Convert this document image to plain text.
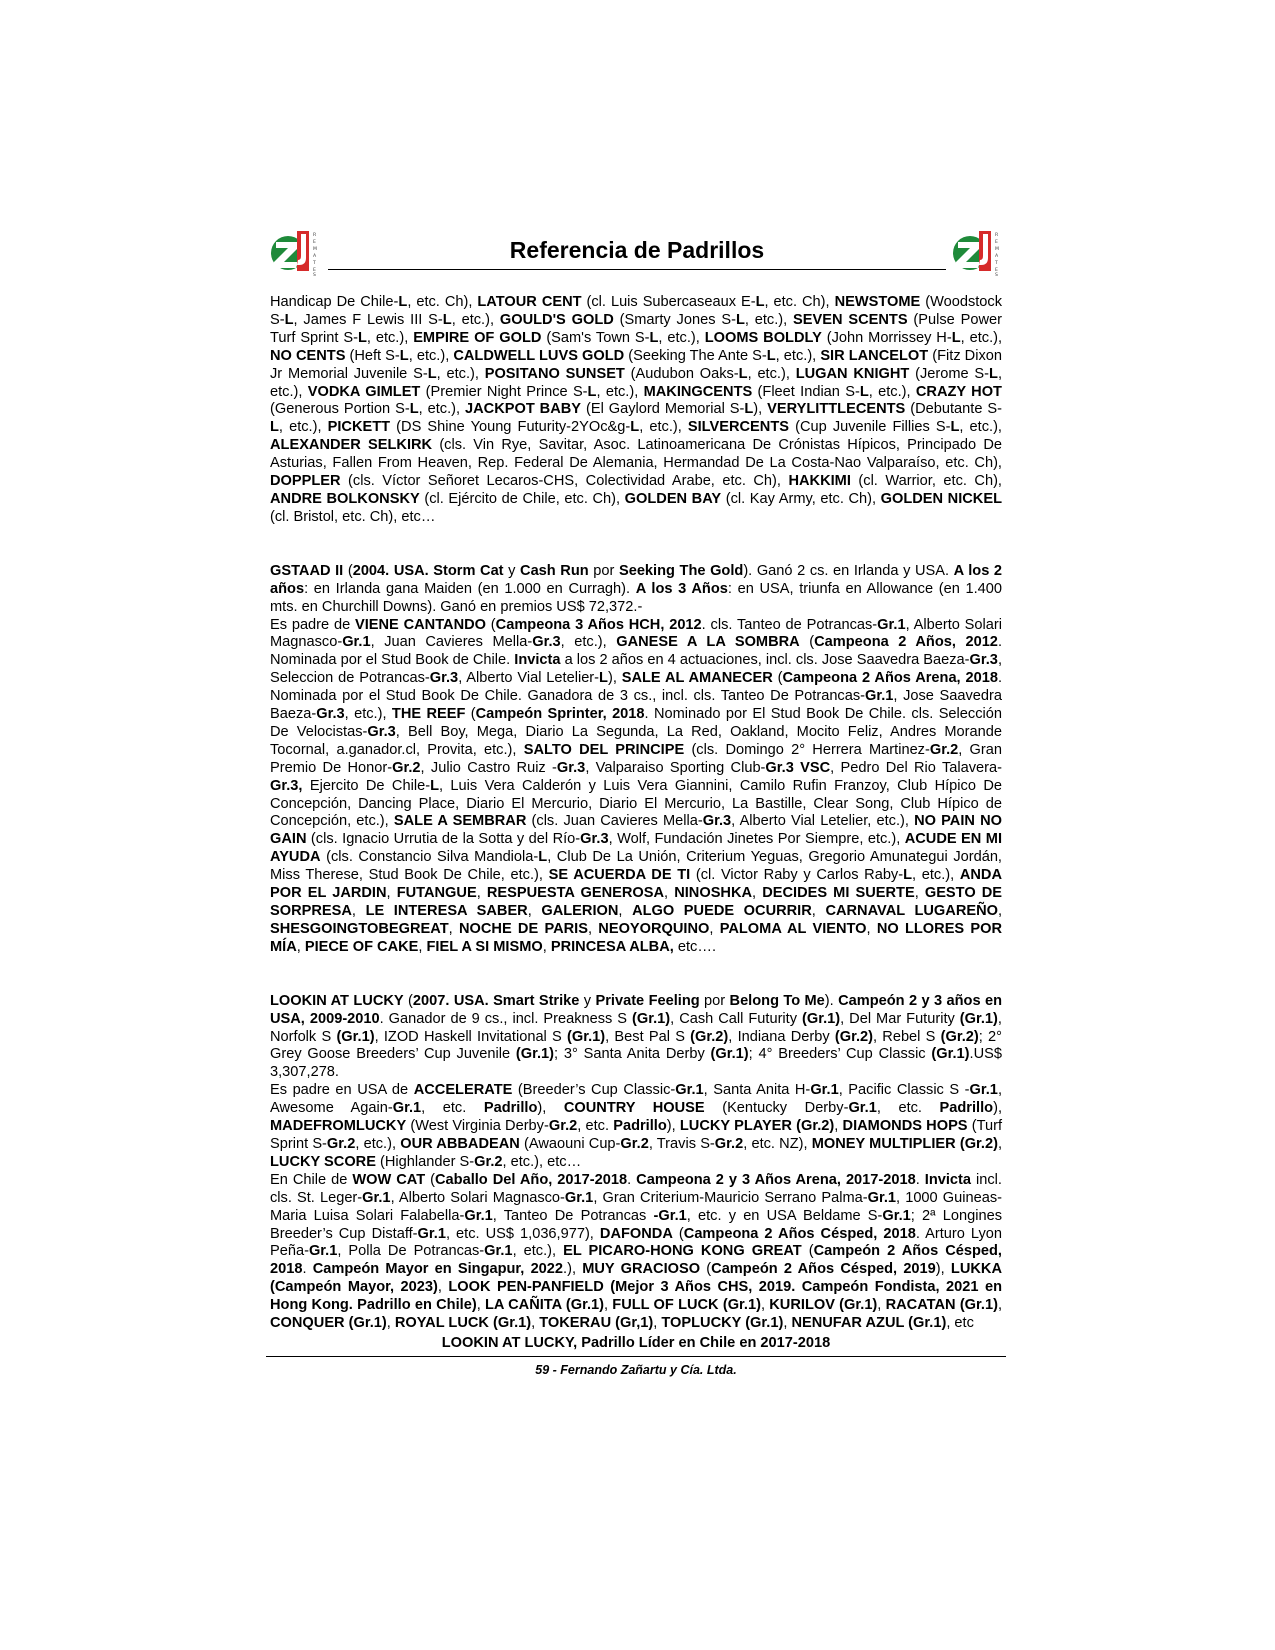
R
E
M
A
T
E
S
Referencia de Padrillos
R
E
M
A
T
E
S

Handicap De Chile-L, etc. Ch), LATOUR CENT (cl. Luis Subercaseaux E-L, etc. Ch), NEWSTOME (Woodstock S-L, James F Lewis III S-L, etc.), GOULD'S GOLD (Smarty Jones S-L, etc.), SEVEN SCENTS (Pulse Power Turf Sprint S-L, etc.), EMPIRE OF GOLD (Sam's Town S-L, etc.), LOOMS BOLDLY (John Morrissey H-L, etc.), NO CENTS (Heft S-L, etc.), CALDWELL LUVS GOLD (Seeking The Ante S-L, etc.), SIR LANCELOT (Fitz Dixon Jr Memorial Juvenile S-L, etc.), POSITANO SUNSET (Audubon Oaks-L, etc.), LUGAN KNIGHT (Jerome S-L, etc.), VODKA GIMLET (Premier Night Prince S-L, etc.), MAKINGCENTS (Fleet Indian S-L, etc.), CRAZY HOT (Generous Portion S-L, etc.), JACKPOT BABY (El Gaylord Memorial S-L), VERYLITTLECENTS (Debutante S-L, etc.), PICKETT (DS Shine Young Futurity-2YOc&g-L, etc.), SILVERCENTS (Cup Juvenile Fillies S-L, etc.), ALEXANDER SELKIRK (cls. Vin Rye, Savitar, Asoc. Latinoamericana De Crónistas Hípicos, Principado De Asturias, Fallen From Heaven, Rep. Federal De Alemania, Hermandad De La Costa-Nao Valparaíso, etc. Ch), DOPPLER (cls. Víctor Señoret Lecaros-CHS, Colectividad Arabe, etc. Ch), HAKKIMI (cl. Warrior, etc. Ch), ANDRE BOLKONSKY (cl. Ejército de Chile, etc. Ch), GOLDEN BAY (cl. Kay Army, etc. Ch), GOLDEN NICKEL (cl. Bristol, etc. Ch), etc…

GSTAAD II (2004. USA. Storm Cat y Cash Run por Seeking The Gold). Ganó 2 cs. en Irlanda y USA. A los 2 años: en Irlanda gana Maiden (en 1.000 en Curragh). A los 3 Años: en USA, triunfa en Allowance (en 1.400 mts. en Churchill Downs). Ganó en premios US$ 72,372.-

Es padre de VIENE CANTANDO (Campeona 3 Años HCH, 2012. cls. Tanteo de Potrancas-Gr.1, Alberto Solari Magnasco-Gr.1, Juan Cavieres Mella-Gr.3, etc.), GANESE A LA SOMBRA (Campeona 2 Años, 2012. Nominada por el Stud Book de Chile. Invicta a los 2 años en 4 actuaciones, incl. cls. Jose Saavedra Baeza-Gr.3, Seleccion de Potrancas-Gr.3, Alberto Vial Letelier-L), SALE AL AMANECER (Campeona 2 Años Arena, 2018. Nominada por el Stud Book De Chile. Ganadora de 3 cs., incl. cls. Tanteo De Potrancas-Gr.1, Jose Saavedra Baeza-Gr.3, etc.), THE REEF (Campeón Sprinter, 2018. Nominado por El Stud Book De Chile. cls. Selección De Velocistas-Gr.3, Bell Boy, Mega, Diario La Segunda, La Red, Oakland, Mocito Feliz, Andres Morande Tocornal, a.ganador.cl, Provita, etc.), SALTO DEL PRINCIPE (cls. Domingo 2° Herrera Martinez-Gr.2, Gran Premio De Honor-Gr.2, Julio Castro Ruiz -Gr.3, Valparaiso Sporting Club-Gr.3 VSC, Pedro Del Rio Talavera-Gr.3, Ejercito De Chile-L, Luis Vera Calderón y Luis Vera Giannini, Camilo Rufin Franzoy, Club Hípico De Concepción, Dancing Place, Diario El Mercurio, Diario El Mercurio, La Bastille, Clear Song, Club Hípico de Concepción, etc.), SALE A SEMBRAR (cls. Juan Cavieres Mella-Gr.3, Alberto Vial Letelier, etc.), NO PAIN NO GAIN (cls. Ignacio Urrutia de la Sotta y del Río-Gr.3, Wolf, Fundación Jinetes Por Siempre, etc.), ACUDE EN MI AYUDA (cls. Constancio Silva Mandiola-L, Club De La Unión, Criterium Yeguas, Gregorio Amunategui Jordán, Miss Therese, Stud Book De Chile, etc.), SE ACUERDA DE TI (cl. Victor Raby y Carlos Raby-L, etc.), ANDA POR EL JARDIN, FUTANGUE, RESPUESTA GENEROSA, NINOSHKA, DECIDES MI SUERTE, GESTO DE SORPRESA, LE INTERESA SABER, GALERION, ALGO PUEDE OCURRIR, CARNAVAL LUGAREÑO, SHESGOINGTOBEGREAT, NOCHE DE PARIS, NEOYORQUINO, PALOMA AL VIENTO, NO LLORES POR MÍA, PIECE OF CAKE, FIEL A SI MISMO, PRINCESA ALBA, etc….

LOOKIN AT LUCKY (2007. USA. Smart Strike y Private Feeling por Belong To Me). Campeón 2 y 3 años en USA, 2009-2010. Ganador de 9 cs., incl. Preakness S (Gr.1), Cash Call Futurity (Gr.1), Del Mar Futurity (Gr.1), Norfolk S (Gr.1), IZOD Haskell Invitational S (Gr.1), Best Pal S (Gr.2), Indiana Derby (Gr.2), Rebel S (Gr.2); 2° Grey Goose Breeders’ Cup Juvenile (Gr.1); 3° Santa Anita Derby (Gr.1); 4° Breeders’ Cup Classic (Gr.1).US$ 3,307,278.

Es padre en USA de ACCELERATE (Breeder’s Cup Classic-Gr.1, Santa Anita H-Gr.1, Pacific Classic S -Gr.1, Awesome Again-Gr.1, etc. Padrillo), COUNTRY HOUSE (Kentucky Derby-Gr.1, etc. Padrillo), MADEFROMLUCKY (West Virginia Derby-Gr.2, etc. Padrillo), LUCKY PLAYER (Gr.2), DIAMONDS HOPS (Turf Sprint S-Gr.2, etc.), OUR ABBADEAN (Awaouni Cup-Gr.2, Travis S-Gr.2, etc. NZ), MONEY MULTIPLIER (Gr.2), LUCKY SCORE (Highlander S-Gr.2, etc.), etc…

En Chile de WOW CAT (Caballo Del Año, 2017-2018. Campeona 2 y 3 Años Arena, 2017-2018. Invicta incl. cls. St. Leger-Gr.1, Alberto Solari Magnasco-Gr.1, Gran Criterium-Mauricio Serrano Palma-Gr.1, 1000 Guineas-Maria Luisa Solari Falabella-Gr.1, Tanteo De Potrancas -Gr.1, etc. y en USA Beldame S-Gr.1; 2ª Longines Breeder’s Cup Distaff-Gr.1, etc. US$ 1,036,977), DAFONDA (Campeona 2 Años Césped, 2018. Arturo Lyon Peña-Gr.1, Polla De Potrancas-Gr.1, etc.), EL PICARO-HONG KONG GREAT (Campeón 2 Años Césped, 2018. Campeón Mayor en Singapur, 2022.), MUY GRACIOSO (Campeón 2 Años Césped, 2019), LUKKA (Campeón Mayor, 2023), LOOK PEN-PANFIELD (Mejor 3 Años CHS, 2019. Campeón Fondista, 2021 en Hong Kong. Padrillo en Chile), LA CAÑITA (Gr.1), FULL OF LUCK (Gr.1), KURILOV (Gr.1), RACATAN (Gr.1), CONQUER (Gr.1), ROYAL LUCK (Gr.1), TOKERAU (Gr,1), TOPLUCKY (Gr.1), NENUFAR AZUL (Gr.1), etc

LOOKIN AT LUCKY, Padrillo Líder en Chile en 2017-2018
59 - Fernando Zañartu y Cía. Ltda.
